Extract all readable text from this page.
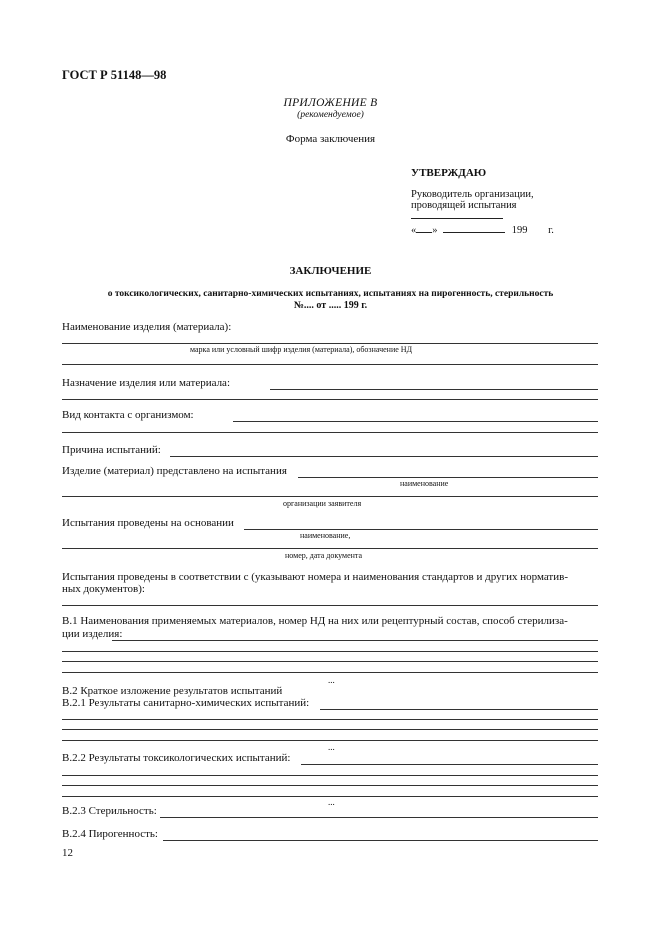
ГОСТ Р 51148—98
ПРИЛОЖЕНИЕ В
(рекомендуемое)
Форма заключения
УТВЕРЖДАЮ
Руководитель организации,
проводящей испытания
« »	199 г.
ЗАКЛЮЧЕНИЕ
о токсикологических, санитарно-химических испытаниях, испытаниях на пирогенность, стерильность
№.... от ..... 199 г.
Наименование изделия (материала):
марка или условный шифр изделия (материала), обозначение НД
Назначение изделия или материала:
Вид контакта с организмом:
Причина испытаний:
Изделие (материал) представлено на испытания
наименование
организации заявителя
Испытания проведены на основании
наименование,
номер, дата документа
Испытания проведены в соответствии с (указывают номера и наименования стандартов и других норматив-
ных документов):
В.1 Наименования применяемых материалов, номер НД на них или рецептурный состав, способ стерилиза-
ции изделия:
...
В.2 Краткое изложение результатов испытаний
В.2.1 Результаты санитарно-химических испытаний:
...
В.2.2 Результаты токсикологических испытаний:
...
В.2.3 Стерильность:
В.2.4 Пирогенность:
12
